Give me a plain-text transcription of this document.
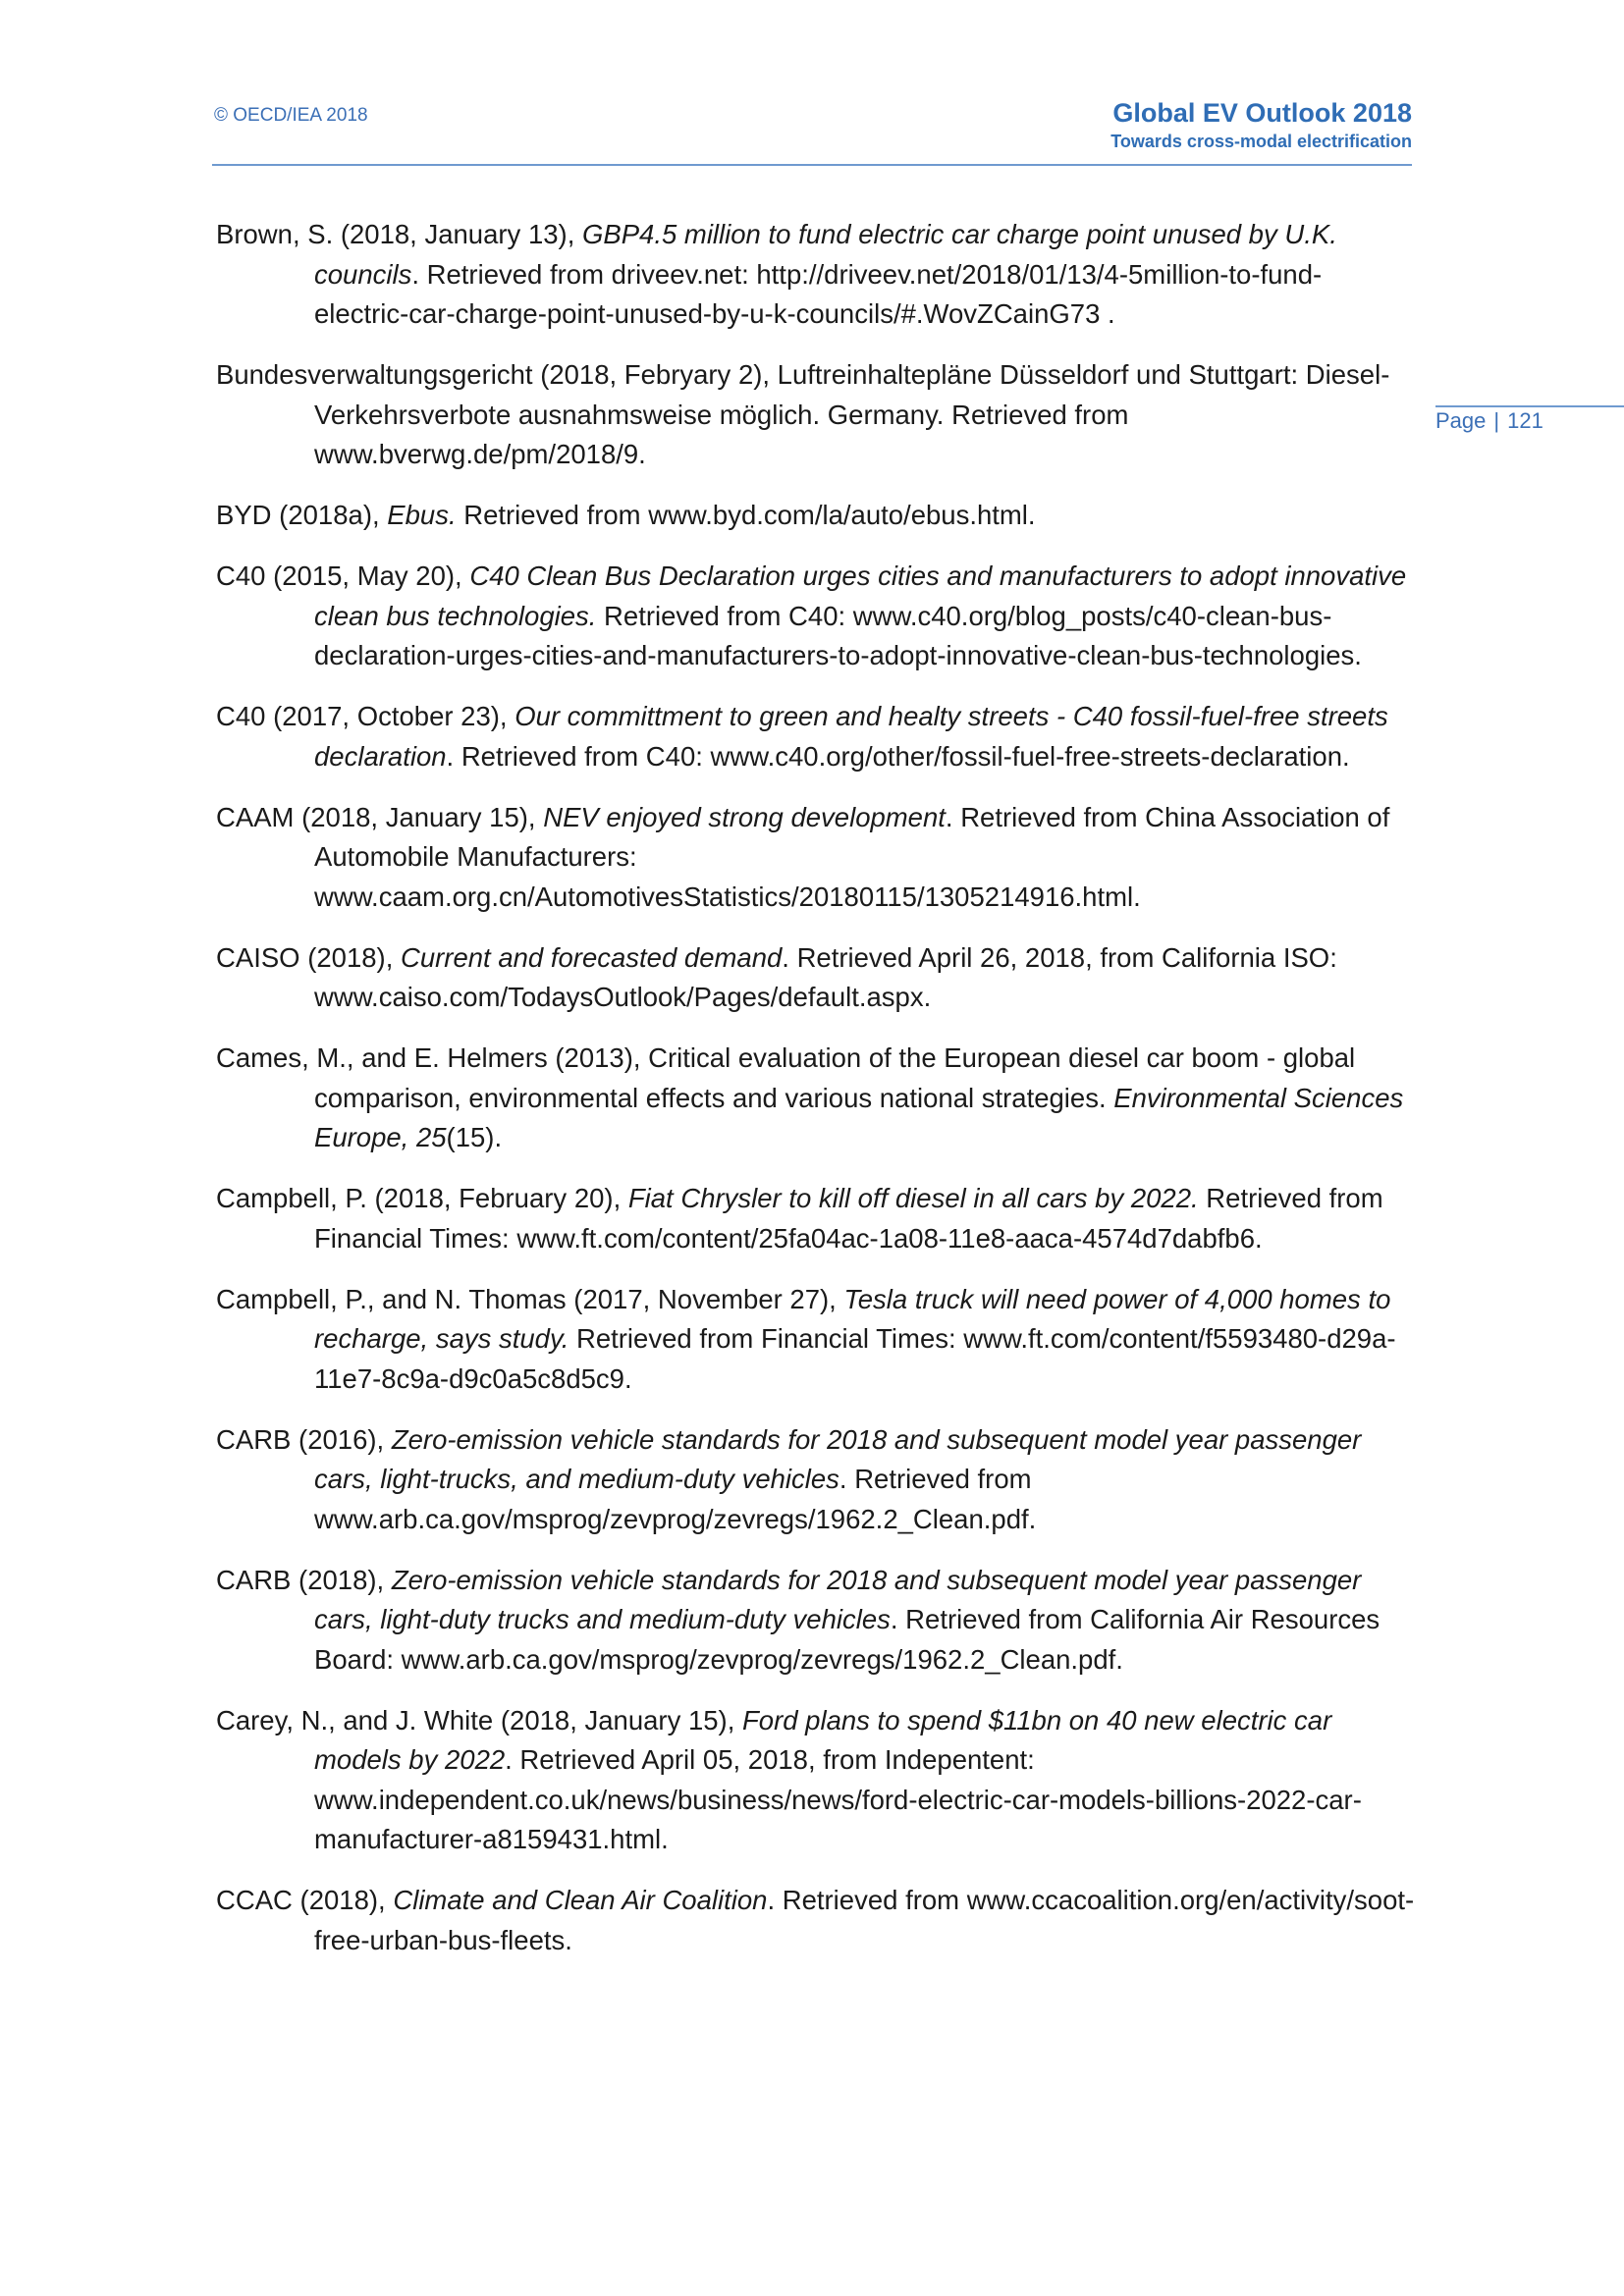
© OECD/IEA 2018	Global EV Outlook 2018
Towards cross-modal electrification
Page | 121

Brown, S. (2018, January 13), GBP4.5 million to fund electric car charge point unused by U.K. councils. Retrieved from driveev.net: http://driveev.net/2018/01/13/4-5million-to-fund-electric-car-charge-point-unused-by-u-k-councils/#.WovZCainG73 .

Bundesverwaltungsgericht (2018, Febryary 2), Luftreinhaltepläne Düsseldorf und Stuttgart: Diesel-Verkehrsverbote ausnahmsweise möglich. Germany. Retrieved from www.bverwg.de/pm/2018/9.

BYD (2018a), Ebus. Retrieved from www.byd.com/la/auto/ebus.html.

C40 (2015, May 20), C40 Clean Bus Declaration urges cities and manufacturers to adopt innovative clean bus technologies. Retrieved from C40: www.c40.org/blog_posts/c40-clean-bus-declaration-urges-cities-and-manufacturers-to-adopt-innovative-clean-bus-technologies.

C40 (2017, October 23), Our committment to green and healty streets - C40 fossil-fuel-free streets declaration. Retrieved from C40: www.c40.org/other/fossil-fuel-free-streets-declaration.

CAAM (2018, January 15), NEV enjoyed strong development. Retrieved from China Association of Automobile Manufacturers: www.caam.org.cn/AutomotivesStatistics/20180115/1305214916.html.

CAISO (2018), Current and forecasted demand. Retrieved April 26, 2018, from California ISO: www.caiso.com/TodaysOutlook/Pages/default.aspx.

Cames, M., and E. Helmers (2013), Critical evaluation of the European diesel car boom - global comparison, environmental effects and various national strategies. Environmental Sciences Europe, 25(15).

Campbell, P. (2018, February 20), Fiat Chrysler to kill off diesel in all cars by 2022. Retrieved from Financial Times: www.ft.com/content/25fa04ac-1a08-11e8-aaca-4574d7dabfb6.

Campbell, P., and N. Thomas (2017, November 27), Tesla truck will need power of 4,000 homes to recharge, says study. Retrieved from Financial Times: www.ft.com/content/f5593480-d29a-11e7-8c9a-d9c0a5c8d5c9.

CARB (2016), Zero-emission vehicle standards for 2018 and subsequent model year passenger cars, light-trucks, and medium-duty vehicles. Retrieved from www.arb.ca.gov/msprog/zevprog/zevregs/1962.2_Clean.pdf.

CARB (2018), Zero-emission vehicle standards for 2018 and subsequent model year passenger cars, light-duty trucks and medium-duty vehicles. Retrieved from California Air Resources Board: www.arb.ca.gov/msprog/zevprog/zevregs/1962.2_Clean.pdf.

Carey, N., and J. White (2018, January 15), Ford plans to spend $11bn on 40 new electric car models by 2022. Retrieved April 05, 2018, from Indepentent: www.independent.co.uk/news/business/news/ford-electric-car-models-billions-2022-car-manufacturer-a8159431.html.

CCAC (2018), Climate and Clean Air Coalition. Retrieved from www.ccacoalition.org/en/activity/soot-free-urban-bus-fleets.
